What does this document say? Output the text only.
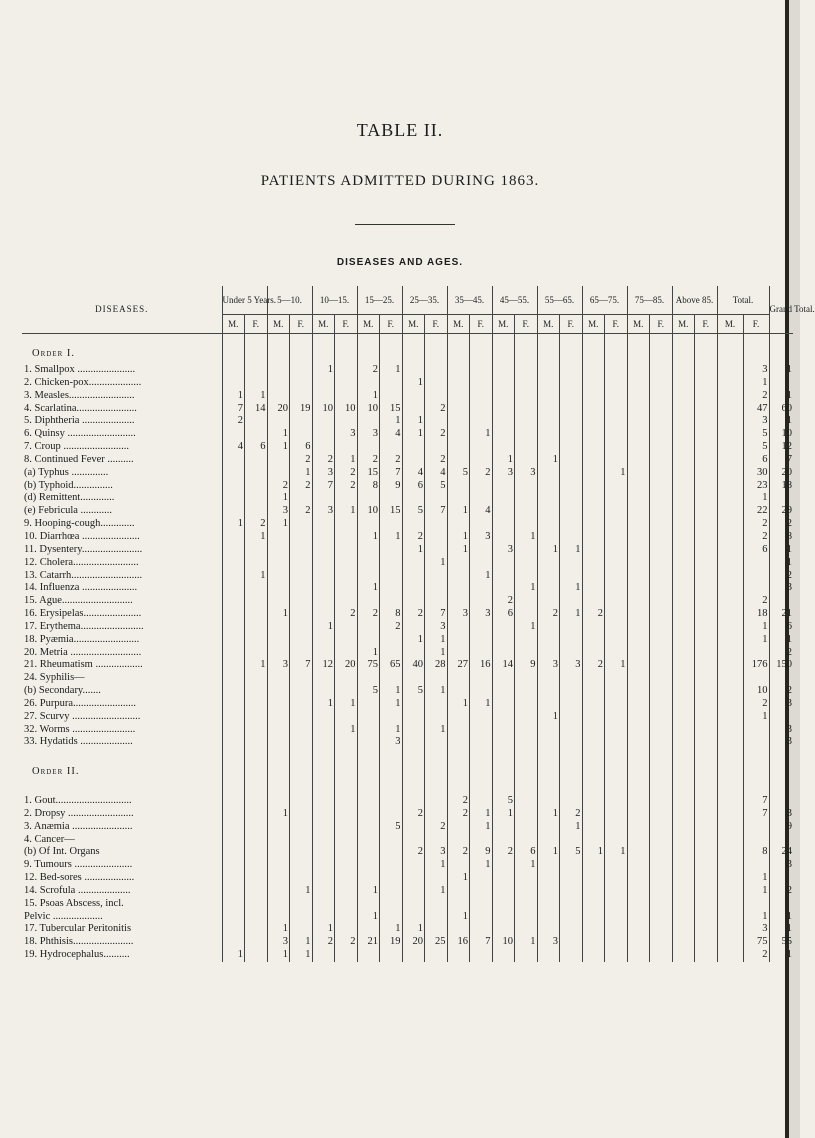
TABLE II.
PATIENTS ADMITTED DURING 1863.
DISEASES AND AGES.
DISEASES.	Under 5 Years.		5—10.		10—15.		15—25.		25—35.		35—45.		45—55.		55—65.		65—75.		75—85.		Above 85.		Total.		Grand Total.
	M.	F.	M.	F.	M.	F.	M.	F.	M.	F.	M.	F.	M.	F.	M.	F.	M.	F.	M.	F.	M.	F.	M.	F.	

Order I.																									
1. Smallpox ......................					1		2	1																3	1
2. Chicken-pox....................									1															1	
3. Measles.........................	1	1					1																	2	1
4. Scarlatina.......................	7	14	20	19	10	10	10	15		2														47	60
5. Diphtheria ....................	2							1	1															3	1
6. Quinsy ..........................			1			3	3	4	1	2		1												5	10
7. Croup .........................	4	6	1	6																				5	12
8. Continued Fever ..........				2	2	1	2	2		2			1		1									6	7
(a) Typhus ..............				1	3	2	15	7	4	4	5	2	3	3				1						30	20
(b) Typhoid...............			2	2	7	2	8	9	6	5														23	18
(d) Remittent.............			1																					1	
(e) Febricula ............			3	2	3	1	10	15	5	7	1	4												22	29
9. Hooping-cough.............	1	2	1																					2	2
10. Diarrhœa ......................		1					1	1	2		1	3		1										2	8
11. Dysentery.......................									1		1		3		1	1								6	1
12. Cholera.........................										1															1
13. Catarrh...........................		1										1													2
14. Influenza .....................							1							1		1									3
15. Ague...........................													2											2	
16. Erysipelas......................			1			2	2	8	2	7	3	3	6		2	1	2							18	21
17. Erythema........................					1			2		3				1										1	6
18. Pyæmia.........................									1	1														1	1
20. Metria ...........................							1			1															2
21. Rheumatism ..................		1	3	7	12	20	75	65	40	28	27	16	14	9	3	3	2	1						176	150
24. Syphilis—																									
(b) Secondary.......							5	1	5	1														10	2
26. Purpura........................					1	1		1			1	1												2	3
27. Scurvy ..........................															1									1	
32. Worms ........................						1		1		1															3
33. Hydatids ....................								3																	3

Order II.																									

1. Gout.............................											2		5											7	
2. Dropsy .........................			1						2		2	1	1		1	2								7	3
3. Anæmia .......................								5		2		1				1									9
4. Cancer—																									
(b) Of Int. Organs									2	3	2	9	2	6	1	5	1	1						8	24
9. Tumours ......................										1		1		1											3
12. Bed-sores ...................											1													1	
14. Scrofula ....................				1			1			1														1	2
15. Psoas Abscess, incl.																									
Pelvic ...................							1				1													1	1
17. Tubercular Peritonitis			1		1			1	1															3	1
18. Phthisis.......................			3	1	2	2	21	19	20	25	16	7	10	1	3									75	55
19. Hydrocephalus..........	1		1	1																				2	1
